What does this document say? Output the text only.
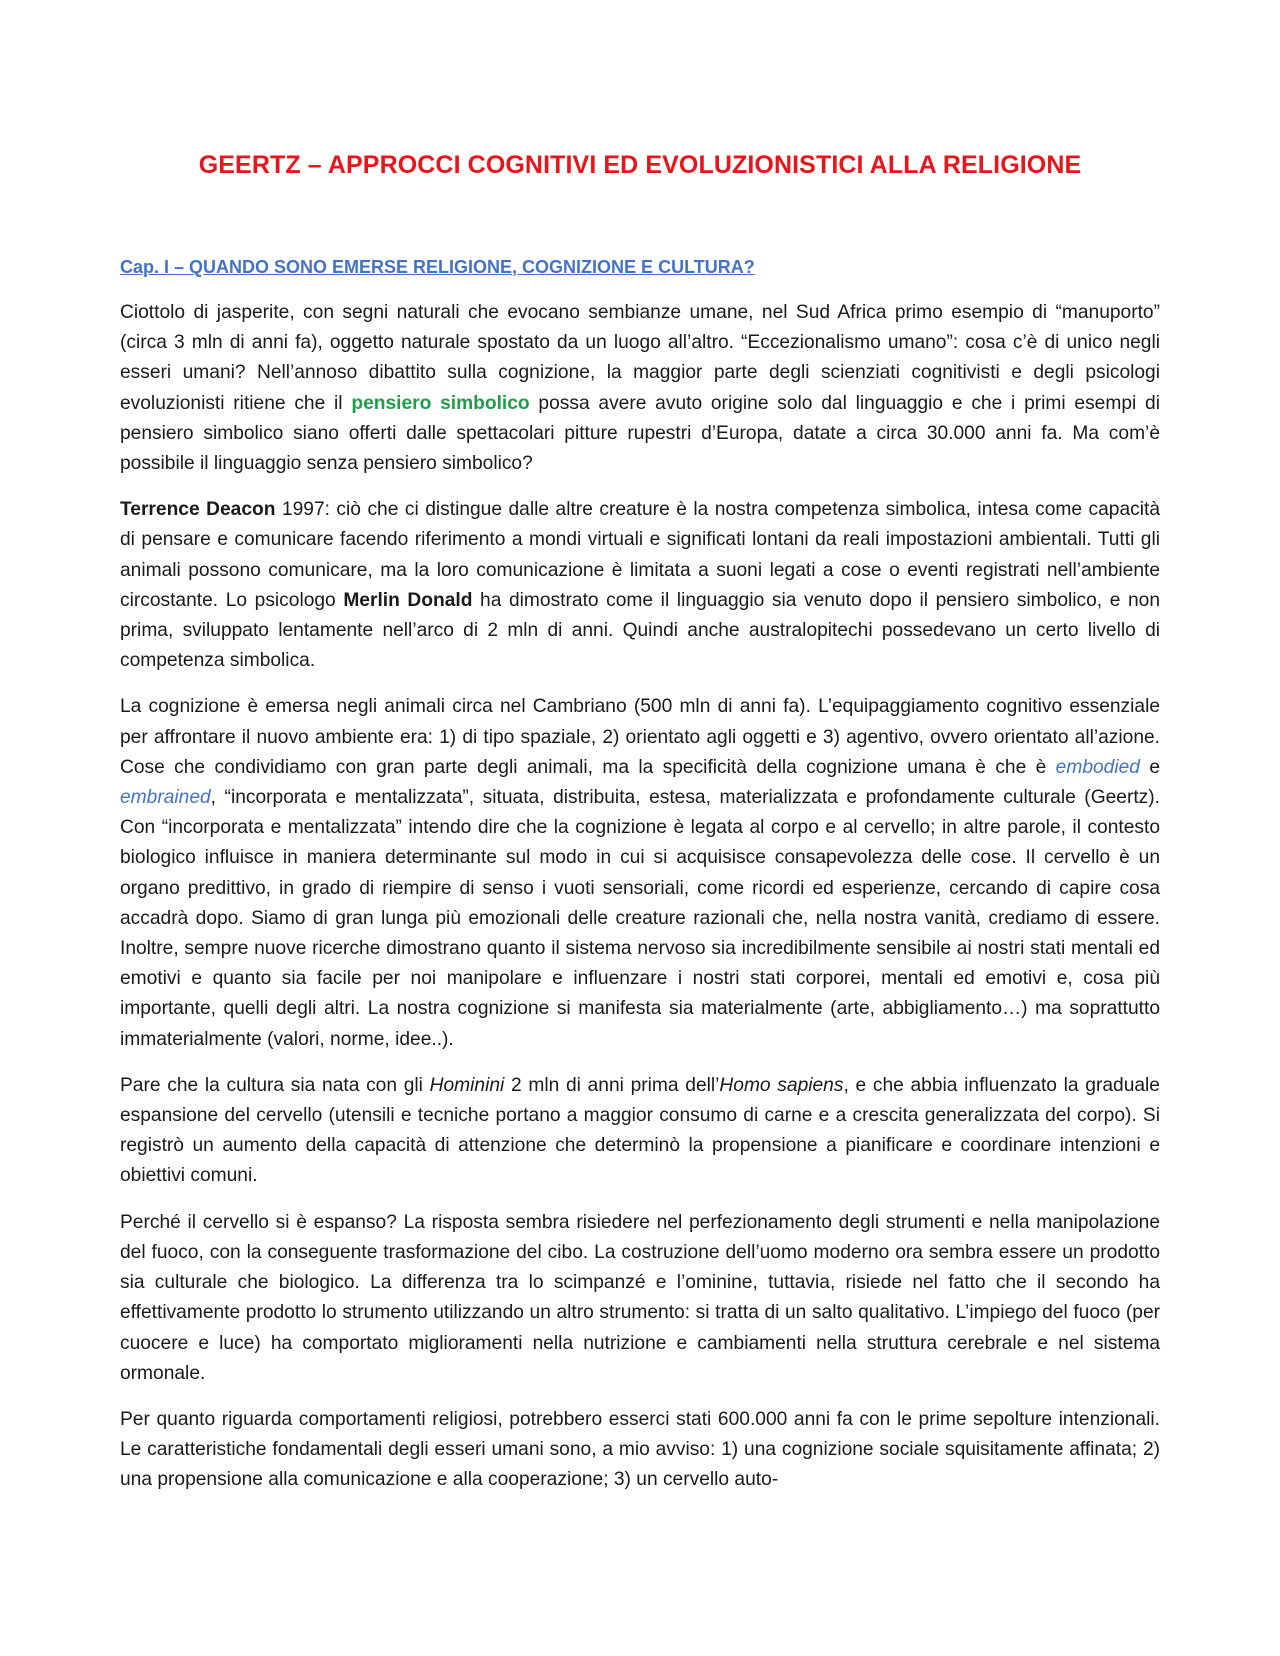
GEERTZ – APPROCCI COGNITIVI ED EVOLUZIONISTICI ALLA RELIGIONE
Cap. I – QUANDO SONO EMERSE RELIGIONE, COGNIZIONE E CULTURA?

Ciottolo di jasperite, con segni naturali che evocano sembianze umane, nel Sud Africa primo esempio di “manuporto” (circa 3 mln di anni fa), oggetto naturale spostato da un luogo all’altro. “Eccezionalismo umano”: cosa c’è di unico negli esseri umani? Nell’annoso dibattito sulla cognizione, la maggior parte degli scienziati cognitivisti e degli psicologi evoluzionisti ritiene che il pensiero simbolico possa avere avuto origine solo dal linguaggio e che i primi esempi di pensiero simbolico siano offerti dalle spettacolari pitture rupestri d’Europa, datate a circa 30.000 anni fa. Ma com’è possibile il linguaggio senza pensiero simbolico?

Terrence Deacon 1997: ciò che ci distingue dalle altre creature è la nostra competenza simbolica, intesa come capacità di pensare e comunicare facendo riferimento a mondi virtuali e significati lontani da reali impostazioni ambientali. Tutti gli animali possono comunicare, ma la loro comunicazione è limitata a suoni legati a cose o eventi registrati nell’ambiente circostante. Lo psicologo Merlin Donald ha dimostrato come il linguaggio sia venuto dopo il pensiero simbolico, e non prima, sviluppato lentamente nell’arco di 2 mln di anni. Quindi anche australopitechi possedevano un certo livello di competenza simbolica.

La cognizione è emersa negli animali circa nel Cambriano (500 mln di anni fa). L’equipaggiamento cognitivo essenziale per affrontare il nuovo ambiente era: 1) di tipo spaziale, 2) orientato agli oggetti e 3) agentivo, ovvero orientato all’azione. Cose che condividiamo con gran parte degli animali, ma la specificità della cognizione umana è che è embodied e embrained, “incorporata e mentalizzata”, situata, distribuita, estesa, materializzata e profondamente culturale (Geertz). Con “incorporata e mentalizzata” intendo dire che la cognizione è legata al corpo e al cervello; in altre parole, il contesto biologico influisce in maniera determinante sul modo in cui si acquisisce consapevolezza delle cose. Il cervello è un organo predittivo, in grado di riempire di senso i vuoti sensoriali, come ricordi ed esperienze, cercando di capire cosa accadrà dopo. Siamo di gran lunga più emozionali delle creature razionali che, nella nostra vanità, crediamo di essere. Inoltre, sempre nuove ricerche dimostrano quanto il sistema nervoso sia incredibilmente sensibile ai nostri stati mentali ed emotivi e quanto sia facile per noi manipolare e influenzare i nostri stati corporei, mentali ed emotivi e, cosa più importante, quelli degli altri. La nostra cognizione si manifesta sia materialmente (arte, abbigliamento…) ma soprattutto immaterialmente (valori, norme, idee..).

Pare che la cultura sia nata con gli Hominini 2 mln di anni prima dell’Homo sapiens, e che abbia influenzato la graduale espansione del cervello (utensili e tecniche portano a maggior consumo di carne e a crescita generalizzata del corpo). Si registrò un aumento della capacità di attenzione che determinò la propensione a pianificare e coordinare intenzioni e obiettivi comuni.

Perché il cervello si è espanso? La risposta sembra risiedere nel perfezionamento degli strumenti e nella manipolazione del fuoco, con la conseguente trasformazione del cibo. La costruzione dell’uomo moderno ora sembra essere un prodotto sia culturale che biologico. La differenza tra lo scimpanzé e l’ominine, tuttavia, risiede nel fatto che il secondo ha effettivamente prodotto lo strumento utilizzando un altro strumento: si tratta di un salto qualitativo. L’impiego del fuoco (per cuocere e luce) ha comportato miglioramenti nella nutrizione e cambiamenti nella struttura cerebrale e nel sistema ormonale.

Per quanto riguarda comportamenti religiosi, potrebbero esserci stati 600.000 anni fa con le prime sepolture intenzionali. Le caratteristiche fondamentali degli esseri umani sono, a mio avviso: 1) una cognizione sociale squisitamente affinata; 2) una propensione alla comunicazione e alla cooperazione; 3) un cervello auto-
